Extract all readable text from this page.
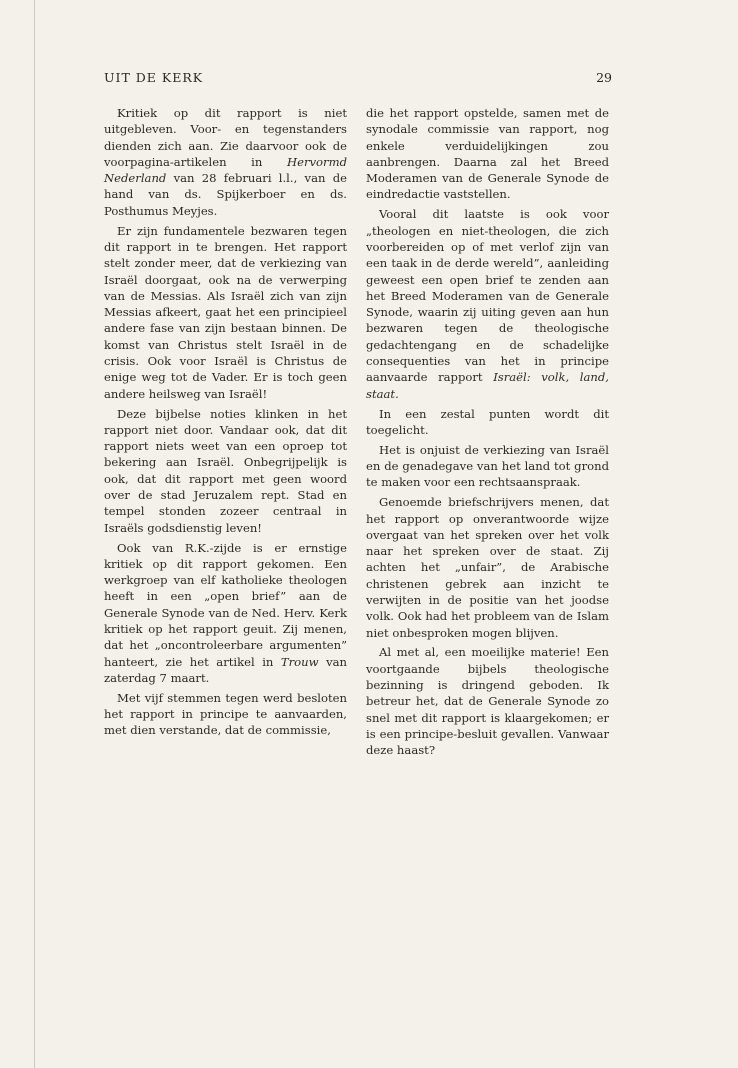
UIT DE KERK	29

Kritiek op dit rapport is niet uitgebleven. Voor- en tegenstanders dienden zich aan. Zie daarvoor ook de voorpagina-artikelen in Hervormd Nederland van 28 februari l.l., van de hand van ds. Spijkerboer en ds. Posthumus Meyjes.

Er zijn fundamentele bezwaren tegen dit rapport in te brengen. Het rapport stelt zonder meer, dat de verkiezing van Israël doorgaat, ook na de verwerping van de Messias. Als Israël zich van zijn Messias afkeert, gaat het een principieel andere fase van zijn bestaan binnen. De komst van Christus stelt Israël in de crisis. Ook voor Israël is Christus de enige weg tot de Vader. Er is toch geen andere heilsweg van Israël!

Deze bijbelse noties klinken in het rapport niet door. Vandaar ook, dat dit rapport niets weet van een oproep tot bekering aan Israël. Onbegrijpelijk is ook, dat dit rapport met geen woord over de stad Jeruzalem rept. Stad en tempel stonden zozeer centraal in Israëls godsdienstig leven!

Ook van R.K.-zijde is er ernstige kritiek op dit rapport gekomen. Een werkgroep van elf katholieke theologen heeft in een „open brief” aan de Generale Synode van de Ned. Herv. Kerk kritiek op het rapport geuit. Zij menen, dat het „oncontroleerbare argumenten” hanteert, zie het artikel in Trouw van zaterdag 7 maart.

Met vijf stemmen tegen werd besloten het rapport in principe te aanvaarden, met dien verstande, dat de commissie,

die het rapport opstelde, samen met de synodale commissie van rapport, nog enkele verduidelijkingen zou aanbrengen. Daarna zal het Breed Moderamen van de Generale Synode de eindredactie vaststellen.

Vooral dit laatste is ook voor „theologen en niet-theologen, die zich voorbereiden op of met verlof zijn van een taak in de derde wereld”, aanleiding geweest een open brief te zenden aan het Breed Moderamen van de Generale Synode, waarin zij uiting geven aan hun bezwaren tegen de theologische gedachtengang en de schadelijke consequenties van het in principe aanvaarde rapport Israël: volk, land, staat.

In een zestal punten wordt dit toegelicht.

Het is onjuist de verkiezing van Israël en de genadegave van het land tot grond te maken voor een rechtsaanspraak.

Genoemde briefschrijvers menen, dat het rapport op onverantwoorde wijze overgaat van het spreken over het volk naar het spreken over de staat. Zij achten het „unfair”, de Arabische christenen gebrek aan inzicht te verwijten in de positie van het joodse volk. Ook had het probleem van de Islam niet onbesproken mogen blijven.

Al met al, een moeilijke materie! Een voortgaande bijbels theologische bezinning is dringend geboden. Ik betreur het, dat de Generale Synode zo snel met dit rapport is klaargekomen; er is een principe-besluit gevallen. Vanwaar deze haast?
